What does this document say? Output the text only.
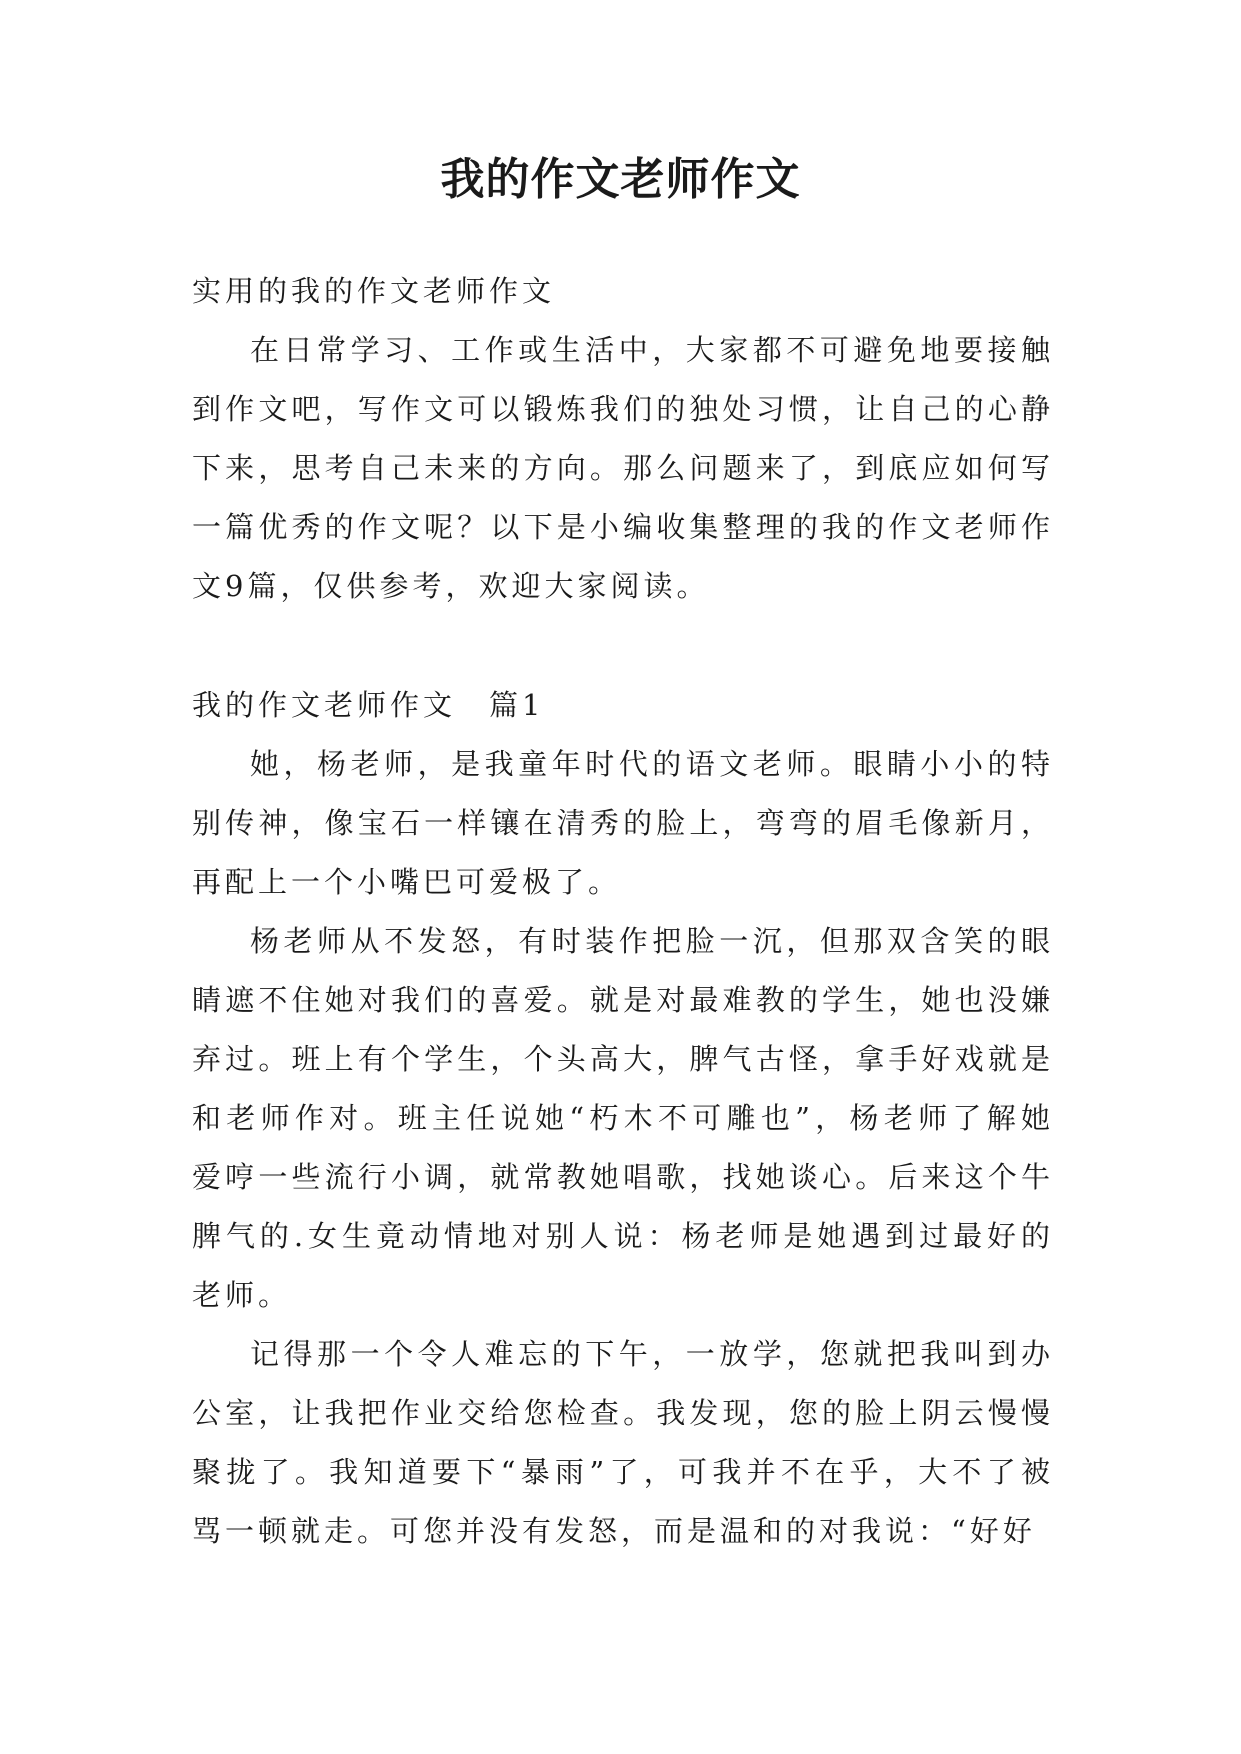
我的作文老师作文

实用的我的作文老师作文

在日常学习、工作或生活中，大家都不可避免地要接触到作文吧，写作文可以锻炼我们的独处习惯，让自己的心静下来，思考自己未来的方向。那么问题来了，到底应如何写一篇优秀的作文呢？以下是小编收集整理的我的作文老师作文9篇，仅供参考，欢迎大家阅读。

我的作文老师作文　篇1

她，杨老师，是我童年时代的语文老师。眼睛小小的特别传神，像宝石一样镶在清秀的脸上，弯弯的眉毛像新月，再配上一个小嘴巴可爱极了。

杨老师从不发怒，有时装作把脸一沉，但那双含笑的眼睛遮不住她对我们的喜爱。就是对最难教的学生，她也没嫌弃过。班上有个学生，个头高大，脾气古怪，拿手好戏就是和老师作对。班主任说她“朽木不可雕也”，杨老师了解她爱哼一些流行小调，就常教她唱歌，找她谈心。后来这个牛脾气的.女生竟动情地对别人说：杨老师是她遇到过最好的老师。

记得那一个令人难忘的下午，一放学，您就把我叫到办公室，让我把作业交给您检查。我发现，您的脸上阴云慢慢聚拢了。我知道要下“暴雨”了，可我并不在乎，大不了被骂一顿就走。可您并没有发怒，而是温和的对我说：“好好
